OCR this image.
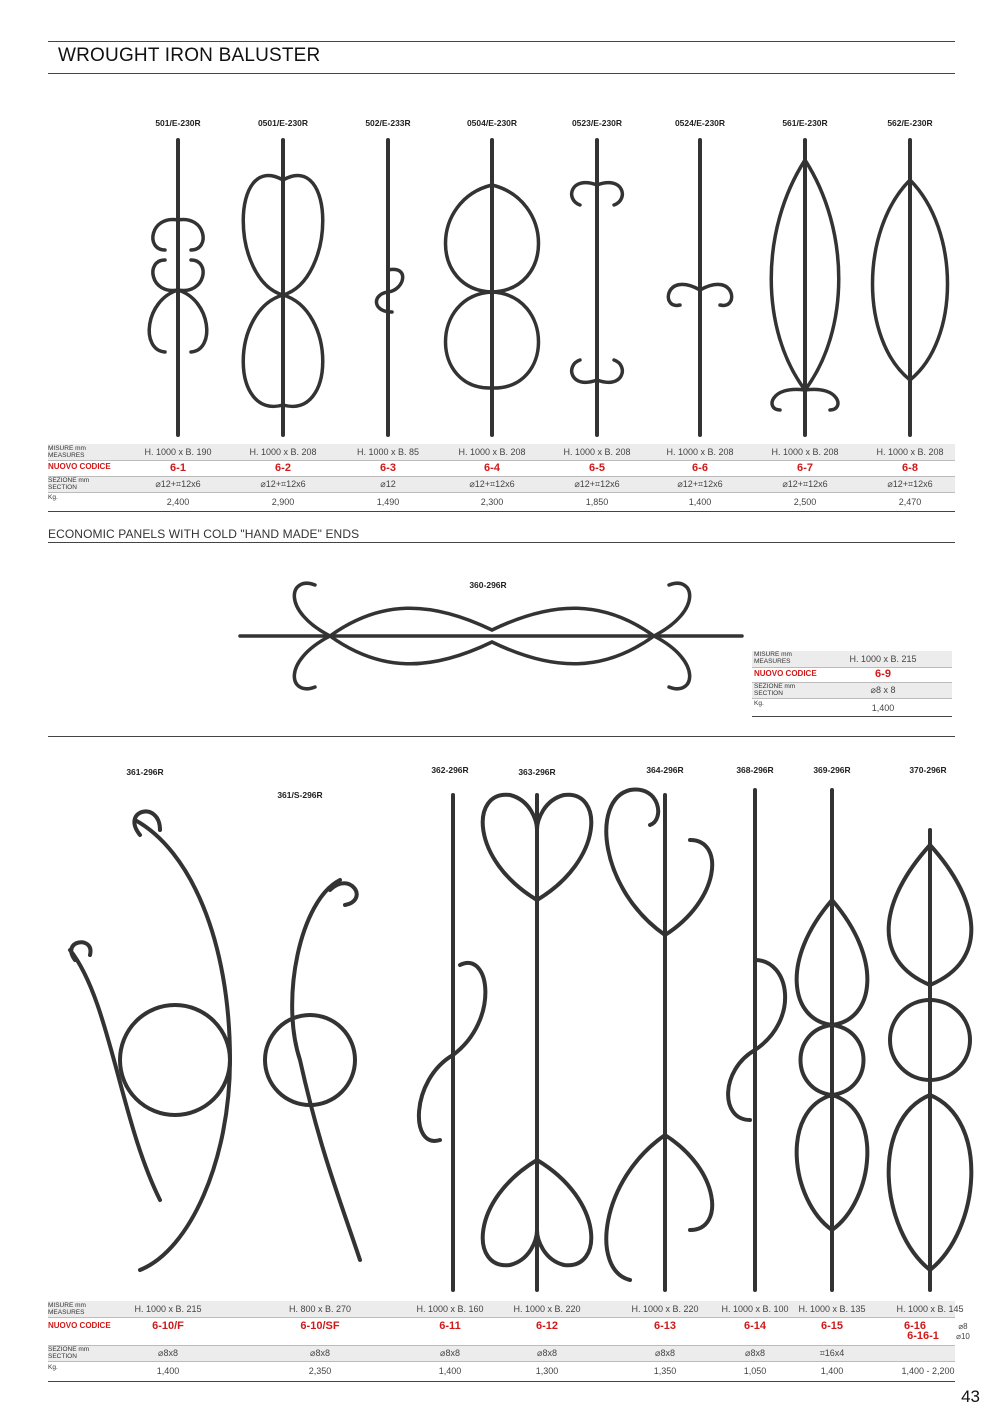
WROUGHT IRON BALUSTER
501/E-230R	0501/E-230R	502/E-233R	0504/E-230R	0523/E-230R	0524/E-230R	561/E-230R	562/E-230R
MISURE mm MEASURES
NUOVO CODICE
SEZIONE mm SECTION
Kg.
H. 1000 x B. 190	H. 1000 x B. 208	H. 1000 x B. 85	H. 1000 x B. 208	H. 1000 x B. 208	H. 1000 x B. 208	H. 1000 x B. 208	H. 1000 x B. 208
6-1	6-2	6-3	6-4	6-5	6-6	6-7	6-8
⌀12+⌗12x6	⌀12+⌗12x6	⌀12	⌀12+⌗12x6	⌀12+⌗12x6	⌀12+⌗12x6	⌀12+⌗12x6	⌀12+⌗12x6
2,400	2,900	1,490	2,300	1,850	1,400	2,500	2,470
ECONOMIC PANELS WITH COLD "HAND MADE" ENDS
360-296R
MISURE mm MEASURES
NUOVO CODICE
SEZIONE mm SECTION
Kg.
H. 1000 x B. 215
6-9
⌀8 x 8
1,400
361-296R
361/S-296R
362-296R	363-296R	364-296R	368-296R	369-296R	370-296R
MISURE mm MEASURES
NUOVO CODICE
SEZIONE mm SECTION
Kg.
H. 1000 x B. 215	H. 800 x B. 270	H. 1000 x B. 160	H. 1000 x B. 220	H. 1000 x B. 220	H. 1000 x B. 100	H. 1000 x B. 135	H. 1000 x B. 145
6-10/F	6-10/SF	6-11	6-12	6-13	6-14	6-15	6-16
6-16-1
⌀8
⌀10
⌀8x8	⌀8x8	⌀8x8	⌀8x8	⌀8x8	⌀8x8	⌗16x4
1,400	2,350	1,400	1,300	1,350	1,050	1,400	1,400 - 2,200
43
